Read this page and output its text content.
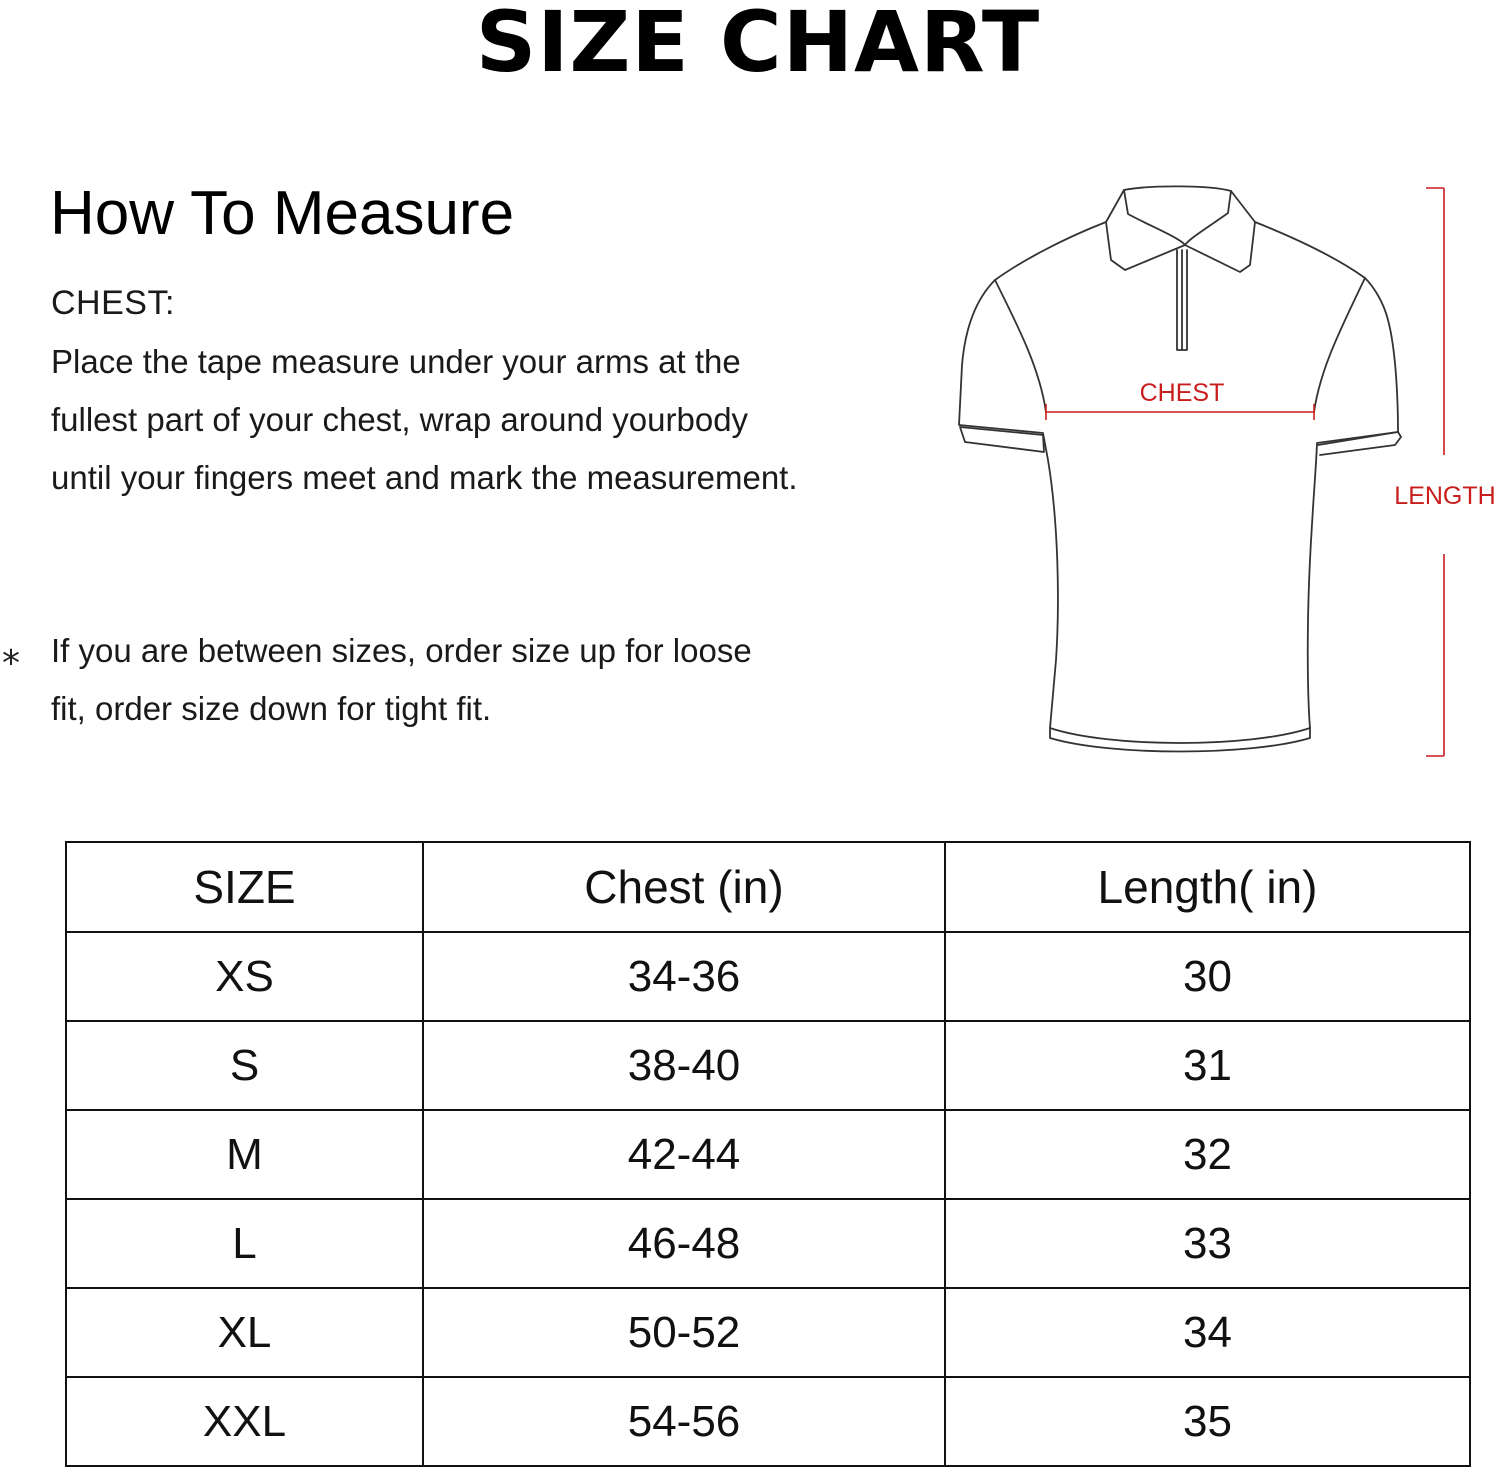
SIZE CHART
How To Measure
CHEST:
Place the tape measure under your arms at the
fullest part of your chest, wrap around yourbody
until your fingers meet and mark the measurement.
⁎ If you are between sizes, order size up for loose
fit, order size down for tight fit.
CHEST
LENGTH
SIZE	Chest (in)	Length( in)
XS	34-36	30
S	38-40	31
M	42-44	32
L	46-48	33
XL	50-52	34
XXL	54-56	35
